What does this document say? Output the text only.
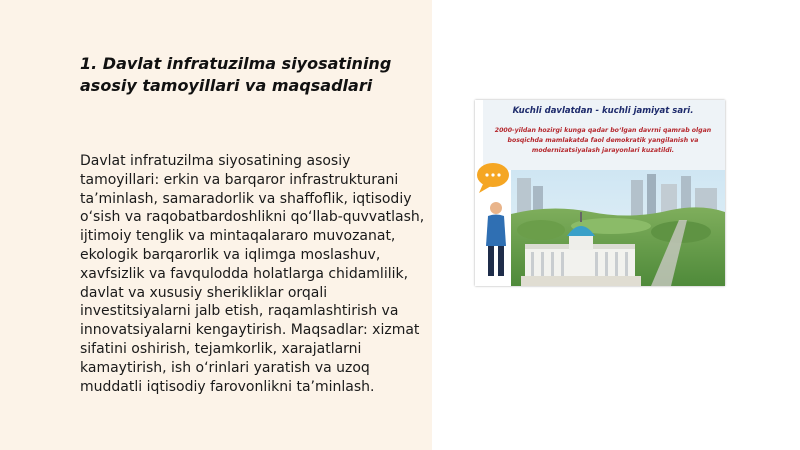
1. Davlat infratuzilma siyosatining asosiy tamoyillari va maqsadlari

Davlat infratuzilma siyosatining asosiy tamoyillari: erkin va barqaror infrastrukturani ta’minlash, samaradorlik va shaffoflik, iqtisodiy o‘sish va raqobatbardoshlikni qo‘llab-quvvatlash, ijtimoiy tenglik va mintaqalararo muvozanat, ekologik barqarorlik va iqlimga moslashuv, xavfsizlik va favqulodda holatlarga chidamlilik, davlat va xususiy sherikliklar orqali investitsiyalarni jalb etish, raqamlashtirish va innovatsiyalarni kengaytirish. Maqsadlar: xizmat sifatini oshirish, tejamkorlik, xarajatlarni kamaytirish, ish o‘rinlari yaratish va uzoq muddatli iqtisodiy farovonlikni ta’minlash.

Kuchli davlatdan - kuchli jamiyat sari.
2000-yildan hozirgi kunga qadar bo‘lgan davrni qamrab olgan bosqichda mamlakatda faol demokratik yangilanish va modernizatsiyalash jarayonlari kuzatildi.
